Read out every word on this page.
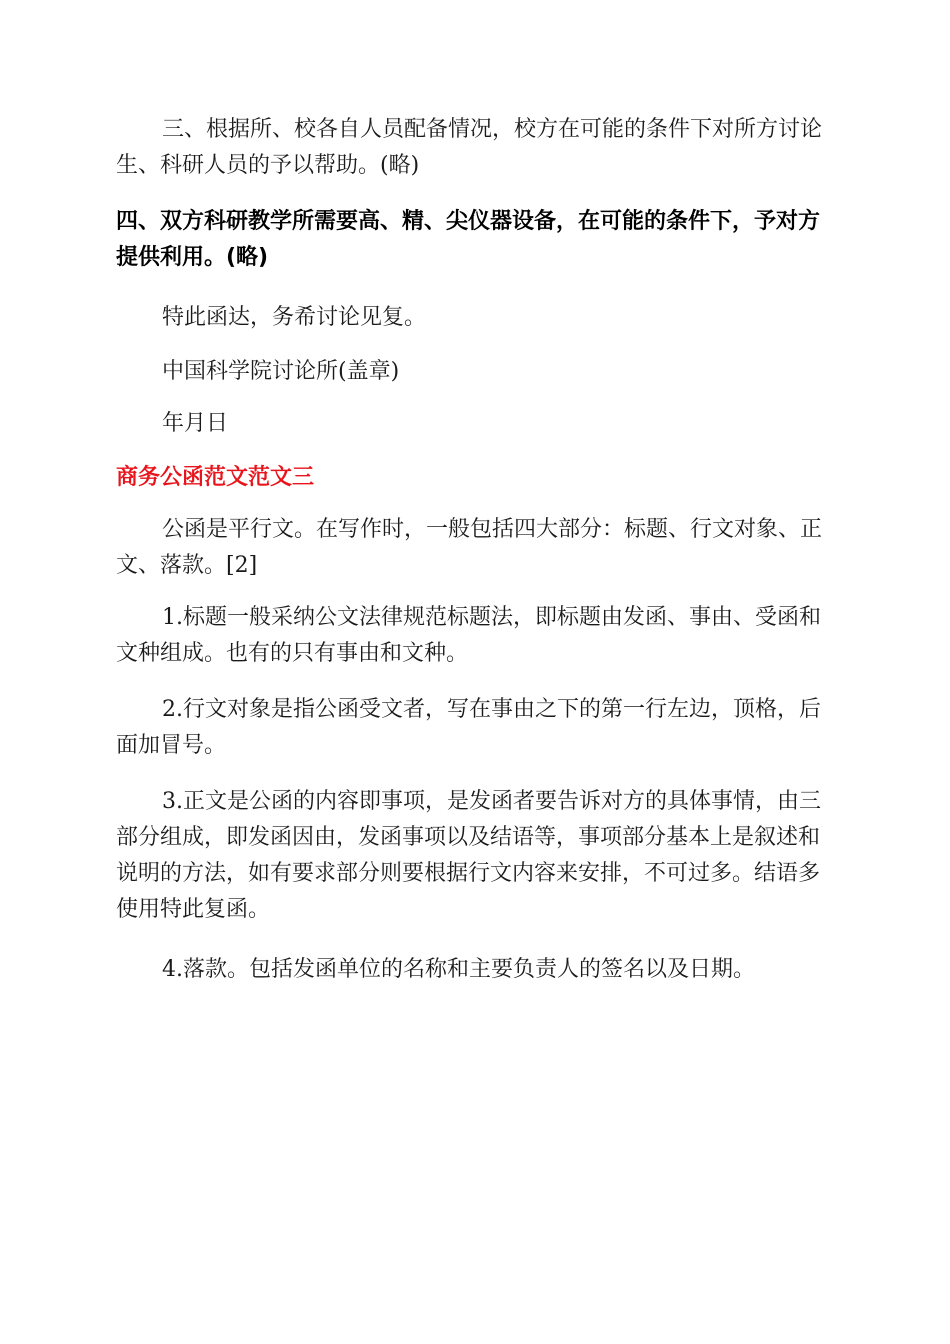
三、根据所、校各自人员配备情况，校方在可能的条件下对所方讨论
生、科研人员的予以帮助。(略)
四、双方科研教学所需要高、精、尖仪器设备，在可能的条件下，予对方
提供利用。(略)
特此函达，务希讨论见复。
中国科学院讨论所(盖章)
年月日
商务公函范文范文三
公函是平行文。在写作时，一般包括四大部分：标题、行文对象、正
文、落款。[2]
1.标题一般采纳公文法律规范标题法，即标题由发函、事由、受函和
文种组成。也有的只有事由和文种。
2.行文对象是指公函受文者，写在事由之下的第一行左边，顶格，后
面加冒号。
3.正文是公函的内容即事项，是发函者要告诉对方的具体事情，由三
部分组成，即发函因由，发函事项以及结语等，事项部分基本上是叙述和
说明的方法，如有要求部分则要根据行文内容来安排，不可过多。结语多
使用特此复函。
4.落款。包括发函单位的名称和主要负责人的签名以及日期。
